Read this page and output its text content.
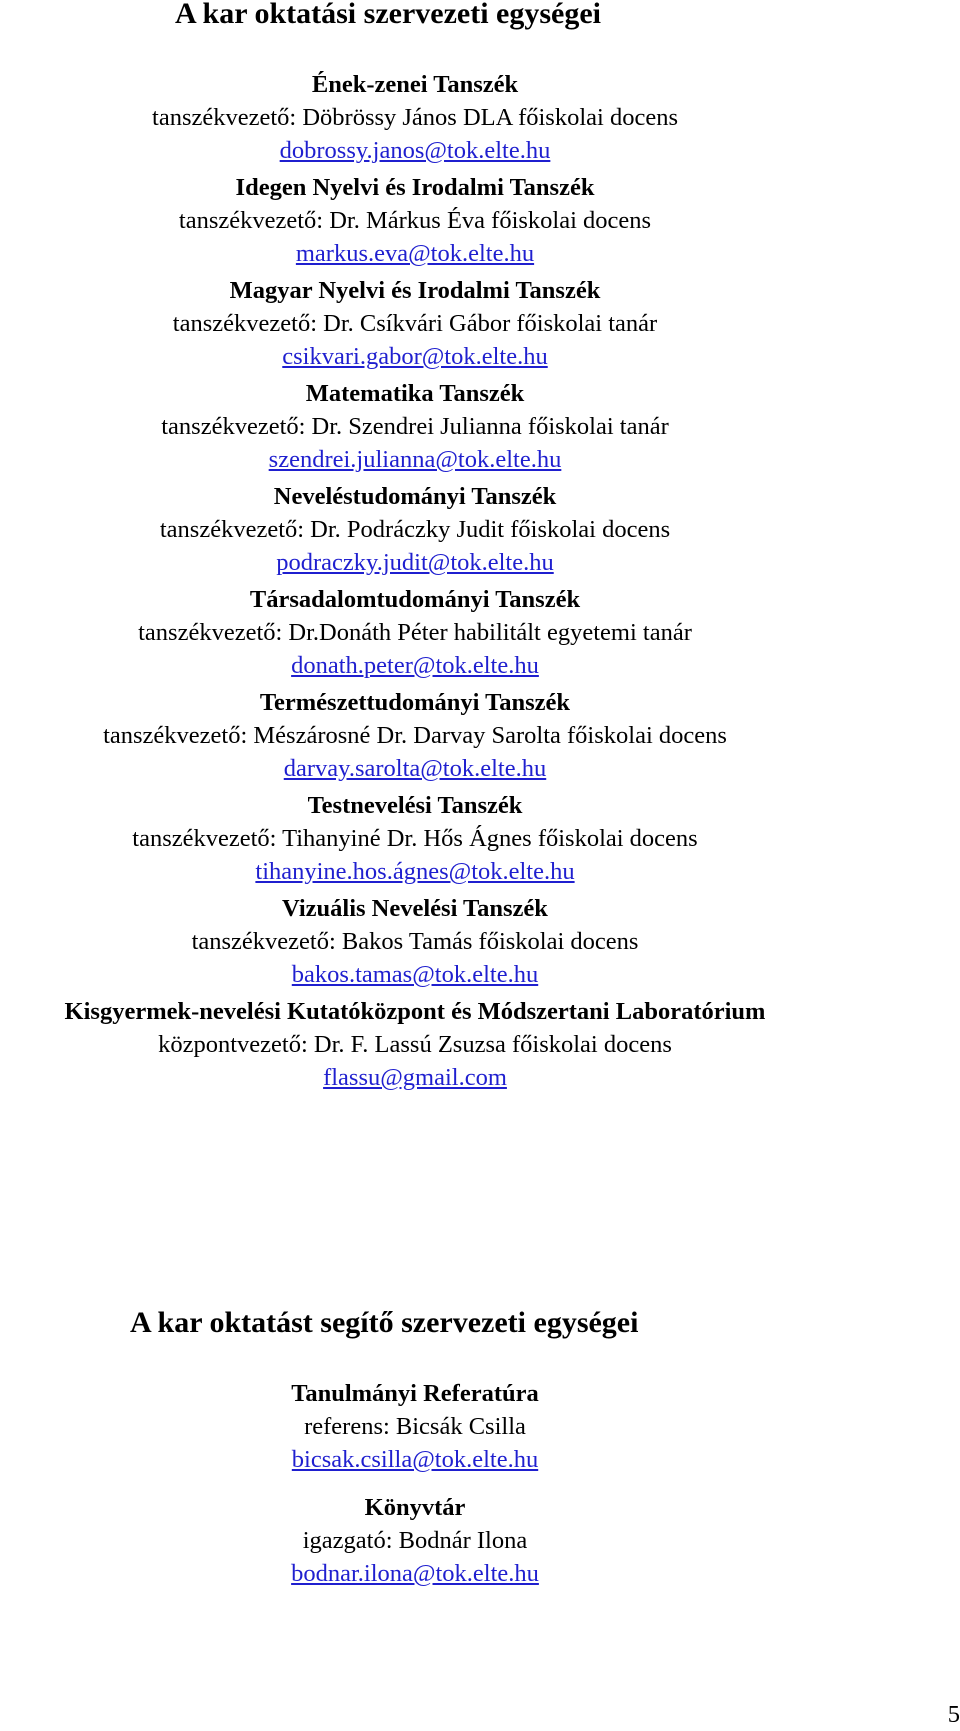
A kar oktatási szervezeti egységei
Ének-zenei Tanszék
tanszékvezető: Döbrössy János DLA főiskolai docens
dobrossy.janos@tok.elte.hu
Idegen Nyelvi és Irodalmi Tanszék
tanszékvezető: Dr. Márkus Éva főiskolai docens
markus.eva@tok.elte.hu
Magyar Nyelvi és Irodalmi Tanszék
tanszékvezető: Dr. Csíkvári Gábor főiskolai tanár
csikvari.gabor@tok.elte.hu
Matematika Tanszék
tanszékvezető: Dr. Szendrei Julianna főiskolai tanár
szendrei.julianna@tok.elte.hu
Neveléstudományi Tanszék
tanszékvezető: Dr. Podráczky Judit főiskolai docens
podraczky.judit@tok.elte.hu
Társadalomtudományi Tanszék
tanszékvezető: Dr.Donáth Péter habilitált egyetemi tanár
donath.peter@tok.elte.hu
Természettudományi Tanszék
tanszékvezető: Mészárosné Dr. Darvay Sarolta főiskolai docens
darvay.sarolta@tok.elte.hu
Testnevelési Tanszék
tanszékvezető: Tihanyiné Dr. Hős Ágnes főiskolai docens
tihanyine.hos.ágnes@tok.elte.hu
Vizuális Nevelési Tanszék
tanszékvezető: Bakos Tamás főiskolai docens
bakos.tamas@tok.elte.hu
Kisgyermek-nevelési Kutatóközpont és Módszertani Laboratórium
központvezető: Dr. F. Lassú Zsuzsa főiskolai docens
flassu@gmail.com
A kar oktatást segítő szervezeti egységei
Tanulmányi Referatúra
referens: Bicsák Csilla
bicsak.csilla@tok.elte.hu
Könyvtár
igazgató: Bodnár Ilona
bodnar.ilona@tok.elte.hu
5
